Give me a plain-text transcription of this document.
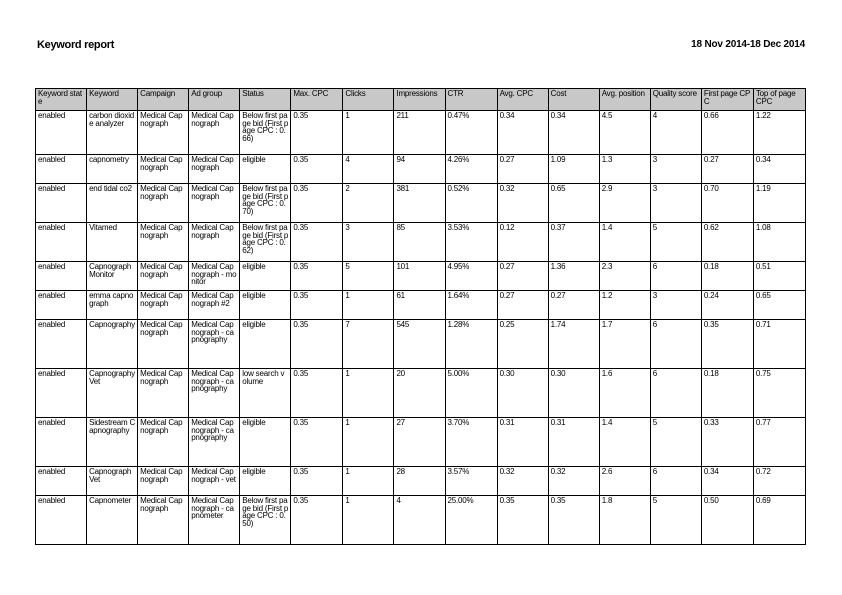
Keyword report	18 Nov 2014-18 Dec 2014
Keyword state	Keyword	Campaign	Ad group	Status	Max. CPC	Clicks	Impressions	CTR	Avg. CPC	Cost	Avg. position	Quality score	First page CPC	Top of page CPC
enabled	carbon dioxide analyzer	Medical Capnograph	Medical Capnograph	Below first page bid (First page CPC : 0.66)	0.35	1	211	0.47%	0.34	0.34	4.5	4	0.66	1.22
enabled	capnometry	Medical Capnograph	Medical Capnograph	eligible	0.35	4	94	4.26%	0.27	1.09	1.3	3	0.27	0.34
enabled	end tidal co2	Medical Capnograph	Medical Capnograph	Below first page bid (First page CPC : 0.70)	0.35	2	381	0.52%	0.32	0.65	2.9	3	0.70	1.19
enabled	Vitamed	Medical Capnograph	Medical Capnograph	Below first page bid (First page CPC : 0.62)	0.35	3	85	3.53%	0.12	0.37	1.4	5	0.62	1.08
enabled	Capnograph Monitor	Medical Capnograph	Medical Capnograph - monitor	eligible	0.35	5	101	4.95%	0.27	1.36	2.3	6	0.18	0.51
enabled	emma capnograph	Medical Capnograph	Medical Capnograph #2	eligible	0.35	1	61	1.64%	0.27	0.27	1.2	3	0.24	0.65
enabled	Capnography	Medical Capnograph	Medical Capnograph - capnography	eligible	0.35	7	545	1.28%	0.25	1.74	1.7	6	0.35	0.71
enabled	Capnography Vet	Medical Capnograph	Medical Capnograph - capnography	low search volume	0.35	1	20	5.00%	0.30	0.30	1.6	6	0.18	0.75
enabled	Sidestream Capnography	Medical Capnograph	Medical Capnograph - capnography	eligible	0.35	1	27	3.70%	0.31	0.31	1.4	5	0.33	0.77
enabled	Capnograph Vet	Medical Capnograph	Medical Capnograph - vet	eligible	0.35	1	28	3.57%	0.32	0.32	2.6	6	0.34	0.72
enabled	Capnometer	Medical Capnograph	Medical Capnograph - capnometer	Below first page bid (First page CPC : 0.50)	0.35	1	4	25.00%	0.35	0.35	1.8	5	0.50	0.69
